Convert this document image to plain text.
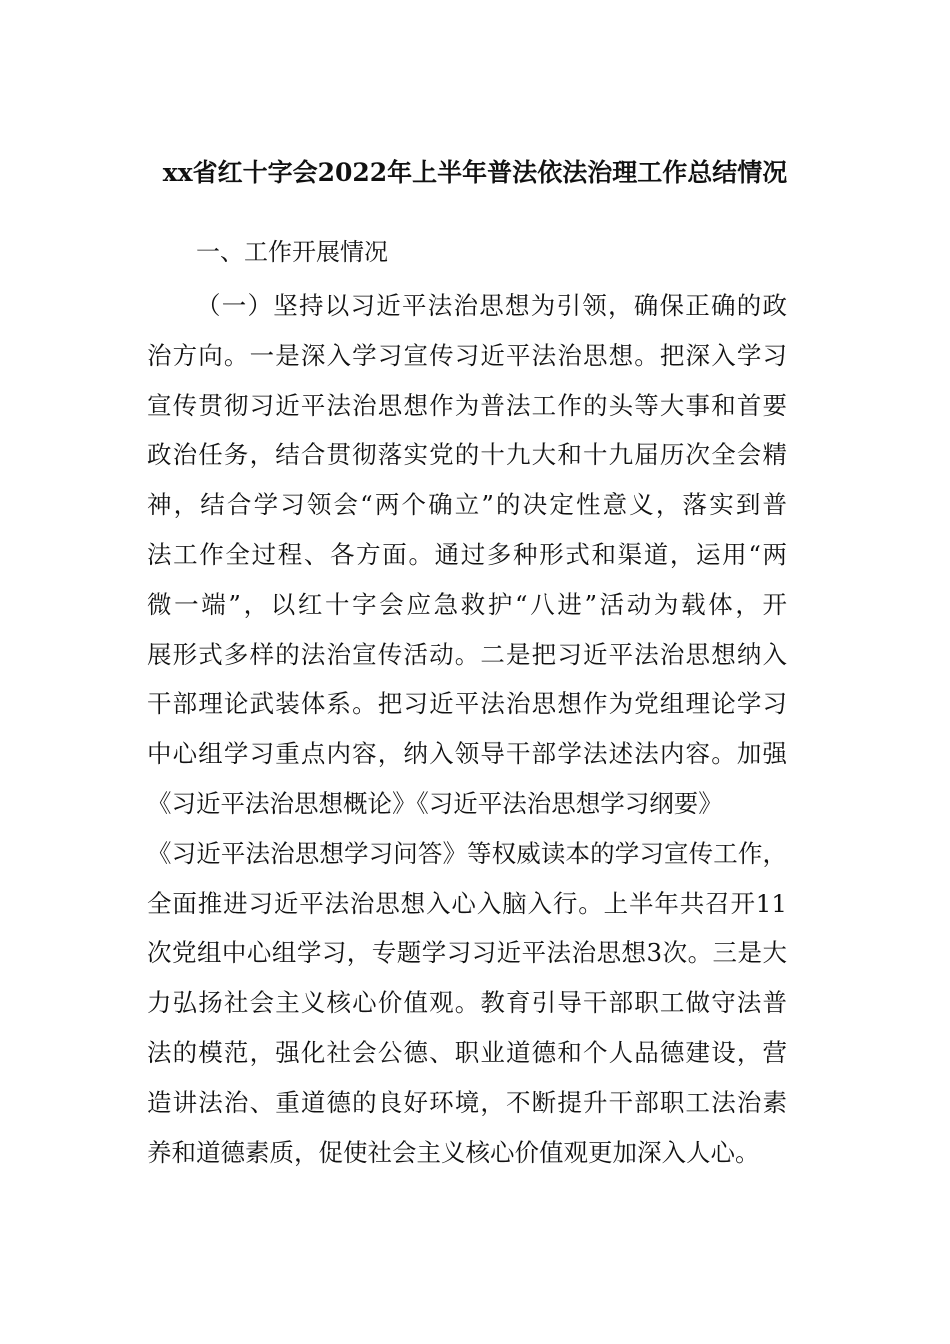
xx省红十字会2022年上半年普法依法治理工作总结情况
一、工作开展情况
（一）坚持以习近平法治思想为引领，确保正确的政
治方向。一是深入学习宣传习近平法治思想。把深入学习
宣传贯彻习近平法治思想作为普法工作的头等大事和首要
政治任务，结合贯彻落实党的十九大和十九届历次全会精
神，结合学习领会“两个确立”的决定性意义，落实到普
法工作全过程、各方面。通过多种形式和渠道，运用“两
微一端”，以红十字会应急救护“八进”活动为载体，开
展形式多样的法治宣传活动。二是把习近平法治思想纳入
干部理论武装体系。把习近平法治思想作为党组理论学习
中心组学习重点内容，纳入领导干部学法述法内容。加强
《习近平法治思想概论》《习近平法治思想学习纲要》
《习近平法治思想学习问答》等权威读本的学习宣传工作，
全面推进习近平法治思想入心入脑入行。上半年共召开11
次党组中心组学习，专题学习习近平法治思想3次。三是大
力弘扬社会主义核心价值观。教育引导干部职工做守法普
法的模范，强化社会公德、职业道德和个人品德建设，营
造讲法治、重道德的良好环境，不断提升干部职工法治素
养和道德素质，促使社会主义核心价值观更加深入人心。
